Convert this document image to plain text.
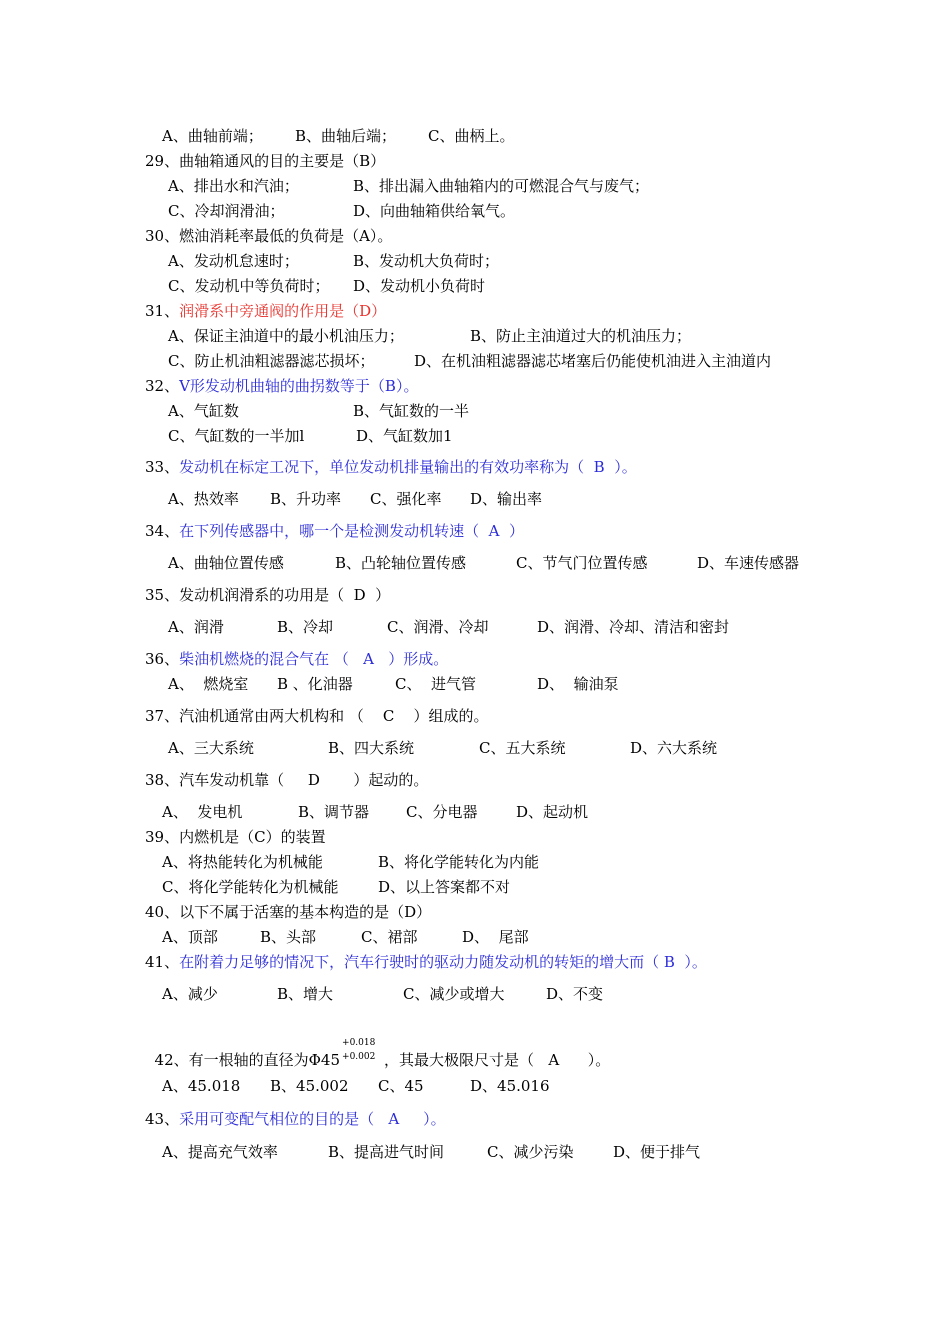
A、曲轴前端； B、曲轴后端； C、曲柄上。
29、曲轴箱通风的目的主要是（B）
A、排出水和汽油；	B、排出漏入曲轴箱内的可燃混合气与废气；
C、冷却润滑油；	D、向曲轴箱供给氧气。
30、燃油消耗率最低的负荷是（A）。
A、发动机怠速时；	B、发动机大负荷时；
C、发动机中等负荷时； D、发动机小负荷时
31、润滑系中旁通阀的作用是（D）
A、保证主油道中的最小机油压力；	B、防止主油道过大的机油压力；
C、防止机油粗滤器滤芯损坏；	D、在机油粗滤器滤芯堵塞后仍能使机油进入主油道内
32、V形发动机曲轴的曲拐数等于（B）。
A、气缸数	B、气缸数的一半
C、气缸数的一半加l	D、气缸数加1
33、发动机在标定工况下，单位发动机排量输出的有效功率称为（  B  ）。
A、热效率 B、升功率 C、强化率 D、输出率
34、在下列传感器中，哪一个是检测发动机转速（  A  ）
A、曲轴位置传感	B、凸轮轴位置传感	C、节气门位置传感	D、车速传感器
35、发动机润滑系的功用是（  D  ）
A、润滑	B、冷却	C、润滑、冷却	D、润滑、冷却、清洁和密封
36、柴油机燃烧的混合气在 （   A   ）形成。
A、  燃烧室 B 、化油器	C、  进气管	D、  输油泵
37、汽油机通常由两大机构和 （    C    ）组成的。
A、三大系统	B、四大系统	C、五大系统	D、六大系统
38、汽车发动机靠（     D       ）起动的。
A、  发电机	B、调节器 C、分电器	D、起动机
39、内燃机是（C）的装置
A、将热能转化为机械能	B、将化学能转化为内能
C、将化学能转化为机械能	D、以上答案都不对
40、以下不属于活塞的基本构造的是（D）
A、顶部	B、头部	C、裙部	D、  尾部
41、在附着力足够的情况下，汽车行驶时的驱动力随发动机的转矩的增大而（ B  ）。
A、减少	B、增大	C、减少或增大	D、不变

42、有一根轴的直径为Φ45
+0.018
+0.002 ，其最大极限尺寸是（   A      ）。

A、45.018 B、45.002 C、45	D、45.016
43、采用可变配气相位的目的是（   A     ）。
A、提高充气效率	B、提高进气时间	C、减少污染	D、便于排气
